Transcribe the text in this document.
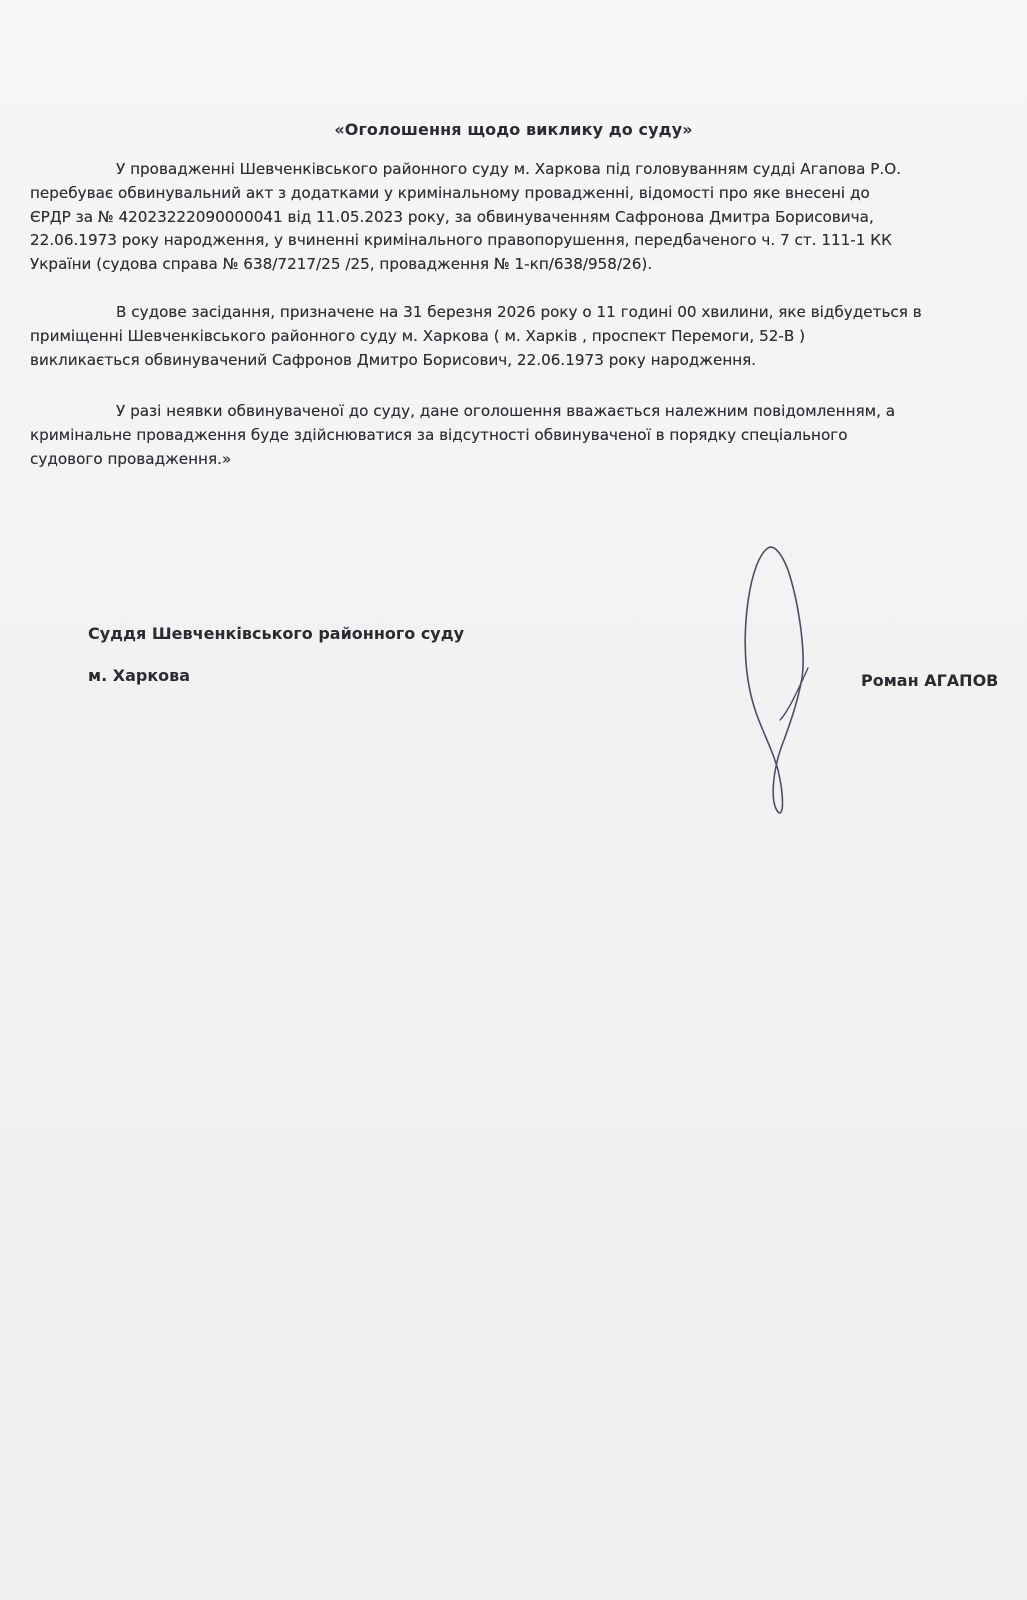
«Оголошення щодо виклику до суду»
У провадженні Шевченківського районного суду м. Харкова під головуванням судді Агапова Р.О.
перебуває обвинувальний акт з додатками у кримінальному провадженні, відомості про яке внесені до
ЄРДР за № 42023222090000041 від 11.05.2023 року, за обвинуваченням Сафронова Дмитра Борисовича,
22.06.1973 року народження, у вчиненні кримінального правопорушення, передбаченого ч. 7 ст. 111-1 КК
України (судова справа № 638/7217/25 /25, провадження № 1-кп/638/958/26).
В судове засідання, призначене на 31 березня 2026 року о 11 годині 00 хвилини, яке відбудеться в
приміщенні Шевченківського районного суду м. Харкова ( м. Харків , проспект Перемоги, 52-В )
викликається обвинувачений Сафронов Дмитро Борисович, 22.06.1973 року народження.
У разі неявки обвинуваченої до суду, дане оголошення вважається належним повідомленням, а
кримінальне провадження буде здійснюватися за відсутності обвинуваченої в порядку спеціального
судового провадження.»
Суддя Шевченківського районного суду
м. Харкова	Роман АГАПОВ
